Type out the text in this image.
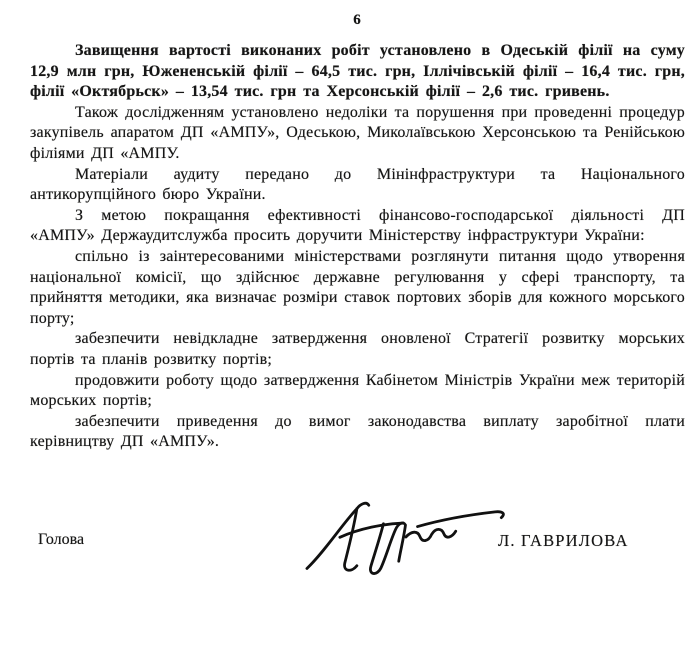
6

Завищення вартості виконаних робіт установлено в Одеській філії на суму 12,9 млн грн, Южененській філії – 64,5 тис. грн, Іллічівській філії – 16,4 тис. грн, філії «Октябрьск» – 13,54 тис. грн та Херсонській філії – 2,6 тис. гривень.

Також дослідженням установлено недоліки та порушення при проведенні процедур закупівель апаратом ДП «АМПУ», Одеською, Миколаївською Херсонською та Ренійською філіями ДП «АМПУ.

Матеріали аудиту передано до Мінінфраструктури та Національного антикорупційного бюро України.

З метою покращання ефективності фінансово-господарської діяльності ДП «АМПУ» Держаудитслужба просить доручити Міністерству інфраструктури України:

спільно із заінтересованими міністерствами розглянути питання щодо утворення національної комісії, що здійснює державне регулювання у сфері транспорту, та прийняття методики, яка визначає розміри ставок портових зборів для кожного морського порту;

забезпечити невідкладне затвердження оновленої Стратегії розвитку морських портів та планів розвитку портів;

продовжити роботу щодо затвердження Кабінетом Міністрів України меж територій морських портів;

забезпечити приведення до вимог законодавства виплату заробітної плати керівництву ДП «АМПУ».

Голова	Л. ГАВРИЛОВА
